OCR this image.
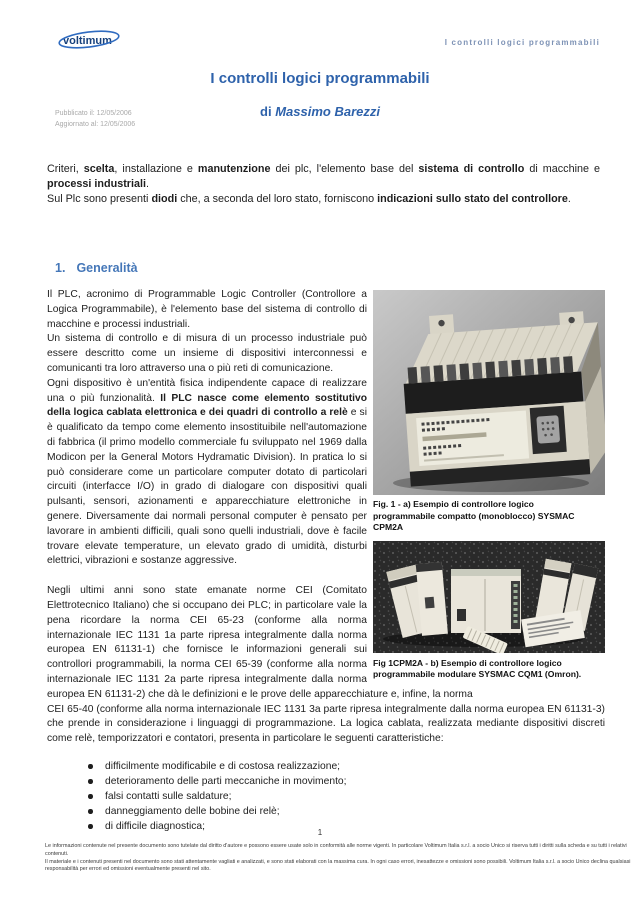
voltimum	I controlli logici programmabili
I controlli logici programmabili
di Massimo Barezzi
Pubblicato il: 12/05/2006
Aggiornato al: 12/05/2006

Criteri, scelta, installazione e manutenzione dei plc, l'elemento base del sistema di controllo di macchine e processi industriali.

Sul Plc sono presenti diodi che, a seconda del loro stato, forniscono indicazioni sullo stato del controllore.

1. Generalità
Fig. 1 - a) Esempio di controllore logico programmabile compatto (monoblocco) SYSMAC CPM2A
Fig 1CPM2A - b) Esempio di controllore logico programmabile modulare SYSMAC CQM1 (Omron).

Il PLC, acronimo di Programmable Logic Controller (Controllore a Logica Programmabile), è l'elemento base del sistema di controllo di macchine e processi industriali.

Un sistema di controllo e di misura di un processo industriale può essere descritto come un insieme di dispositivi interconnessi e comunicanti tra loro attraverso una o più reti di comunicazione.

Ogni dispositivo è un'entità fisica indipendente capace di realizzare una o più funzionalità. Il PLC nasce come elemento sostitutivo della logica cablata elettronica e dei quadri di controllo a relè e si è qualificato da tempo come elemento insostituibile nell'automazione di fabbrica (il primo modello commerciale fu sviluppato nel 1969 dalla Modicon per la General Motors Hydramatic Division). In pratica lo si può considerare come un particolare computer dotato di particolari circuiti (interfacce I/O) in grado di dialogare con dispositivi quali pulsanti, sensori, azionamenti e apparecchiature elettroniche in genere. Diversamente dai normali personal computer è pensato per lavorare in ambienti difficili, quali sono quelli industriali, dove è facile trovare elevate temperature, un elevato grado di umidità, disturbi elettrici, vibrazioni e sostanze aggressive.

Negli ultimi anni sono state emanate norme CEI (Comitato Elettrotecnico Italiano) che si occupano dei PLC; in particolare vale la pena ricordare la norma CEI 65-23 (conforme alla norma internazionale IEC 1131 1a parte ripresa integralmente dalla norma europea EN 61131-1) che fornisce le informazioni generali sui controllori programmabili, la norma CEI 65-39 (conforme alla norma internazionale IEC 1131 2a parte ripresa integralmente dalla norma europea EN 61131-2) che dà le definizioni e le prove delle apparecchiature e, infine, la norma

CEI 65-40 (conforme alla norma internazionale IEC 1131 3a parte ripresa integralmente dalla norma europea EN 61131-3) che prende in considerazione i linguaggi di programmazione. La logica cablata, realizzata mediante dispositivi discreti come relè, temporizzatori e contatori, presenta in particolare le seguenti caratteristiche:

difficilmente modificabile e di costosa realizzazione;
deterioramento delle parti meccaniche in movimento;
falsi contatti sulle saldature;
danneggiamento delle bobine dei relè;
di difficile diagnostica;
1

Le informazioni contenute nel presente documento sono tutelate dal diritto d'autore e possono essere usate solo in conformità alle norme vigenti. In particolare Voltimum Italia s.r.l. a socio Unico si riserva tutti i diritti sulla scheda e su tutti i relativi contenuti.

Il materiale e i contenuti presenti nel documento sono stati attentamente vagliati e analizzati, e sono stati elaborati con la massima cura. In ogni caso errori, inesattezze e omissioni sono possibili. Voltimum Italia s.r.l. a socio Unico declina qualsiasi responsabilità per errori ed omissioni eventualmente presenti nel sito.
